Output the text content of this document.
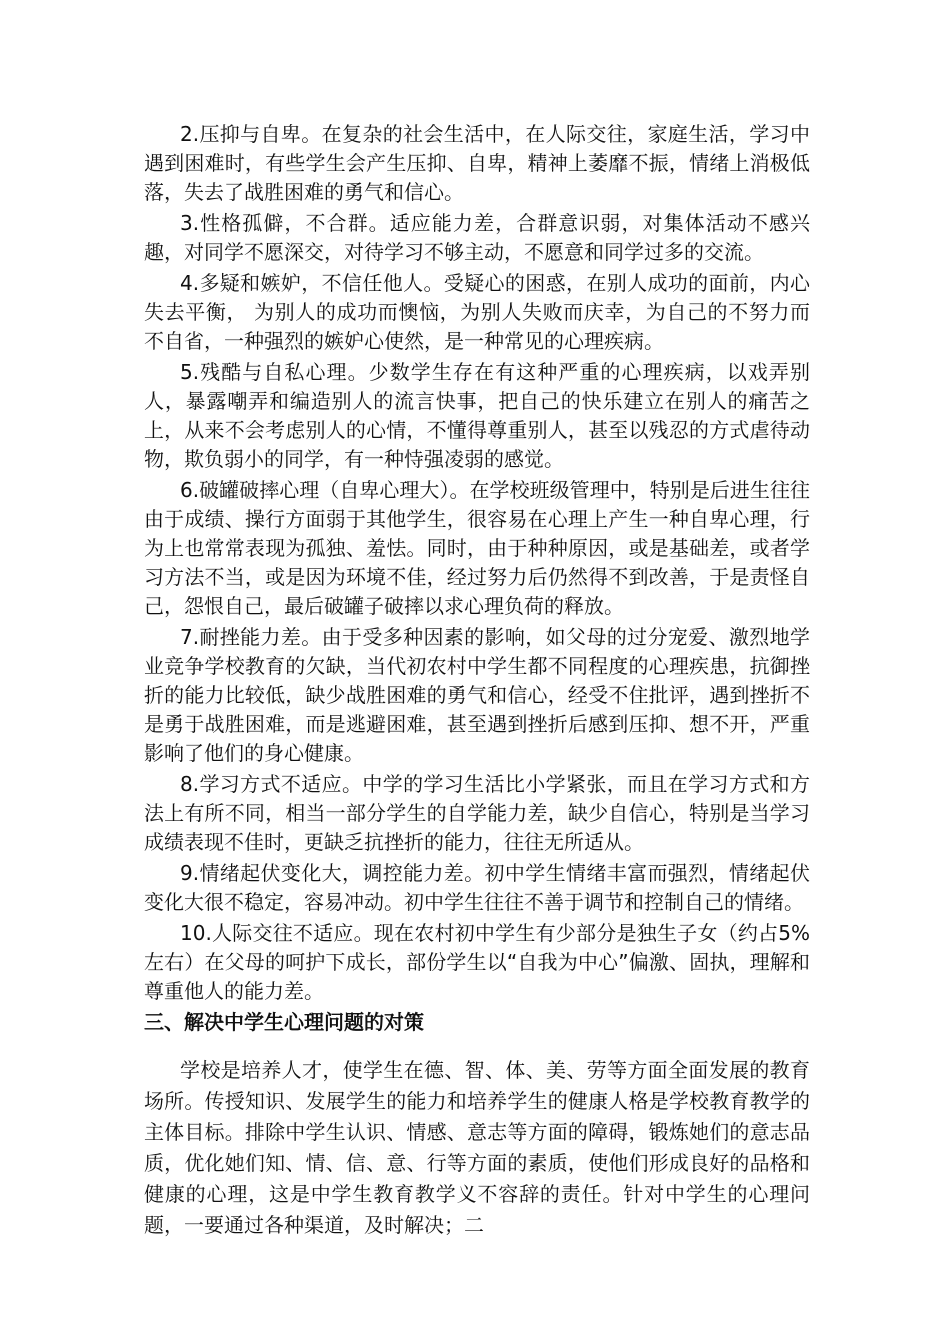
2.压抑与自卑。在复杂的社会生活中，在人际交往，家庭生活，学习中遇到困难时，有些学生会产生压抑、自卑，精神上萎靡不振，情绪上消极低落，失去了战胜困难的勇气和信心。

3.性格孤僻，不合群。适应能力差，合群意识弱，对集体活动不感兴趣，对同学不愿深交，对待学习不够主动，不愿意和同学过多的交流。

4.多疑和嫉妒，不信任他人。受疑心的困惑，在别人成功的面前，内心失去平衡， 为别人的成功而懊恼，为别人失败而庆幸，为自己的不努力而不自省，一种强烈的嫉妒心使然，是一种常见的心理疾病。

5.残酷与自私心理。少数学生存在有这种严重的心理疾病，以戏弄别人，暴露嘲弄和编造别人的流言快事，把自己的快乐建立在别人的痛苦之上，从来不会考虑别人的心情，不懂得尊重别人，甚至以残忍的方式虐待动物，欺负弱小的同学，有一种恃强凌弱的感觉。

6.破罐破摔心理（自卑心理大）。在学校班级管理中，特别是后进生往往由于成绩、操行方面弱于其他学生，很容易在心理上产生一种自卑心理，行为上也常常表现为孤独、羞怯。同时，由于种种原因，或是基础差，或者学习方法不当，或是因为环境不佳，经过努力后仍然得不到改善，于是责怪自己，怨恨自己，最后破罐子破摔以求心理负荷的释放。

7.耐挫能力差。由于受多种因素的影响，如父母的过分宠爱、激烈地学业竞争学校教育的欠缺，当代初农村中学生都不同程度的心理疾患，抗御挫折的能力比较低，缺少战胜困难的勇气和信心，经受不住批评，遇到挫折不是勇于战胜困难，而是逃避困难，甚至遇到挫折后感到压抑、想不开，严重影响了他们的身心健康。

8.学习方式不适应。中学的学习生活比小学紧张，而且在学习方式和方法上有所不同，相当一部分学生的自学能力差，缺少自信心，特别是当学习成绩表现不佳时，更缺乏抗挫折的能力，往往无所适从。

9.情绪起伏变化大，调控能力差。初中学生情绪丰富而强烈，情绪起伏变化大很不稳定，容易冲动。初中学生往往不善于调节和控制自己的情绪。

10.人际交往不适应。现在农村初中学生有少部分是独生子女（约占5%左右）在父母的呵护下成长，部份学生以“自我为中心”偏激、固执，理解和尊重他人的能力差。

三、解决中学生心理问题的对策

学校是培养人才，使学生在德、智、体、美、劳等方面全面发展的教育场所。传授知识、发展学生的能力和培养学生的健康人格是学校教育教学的主体目标。排除中学生认识、情感、意志等方面的障碍，锻炼她们的意志品质，优化她们知、情、信、意、行等方面的素质，使他们形成良好的品格和健康的心理，这是中学生教育教学义不容辞的责任。针对中学生的心理问题，一要通过各种渠道，及时解决；二
